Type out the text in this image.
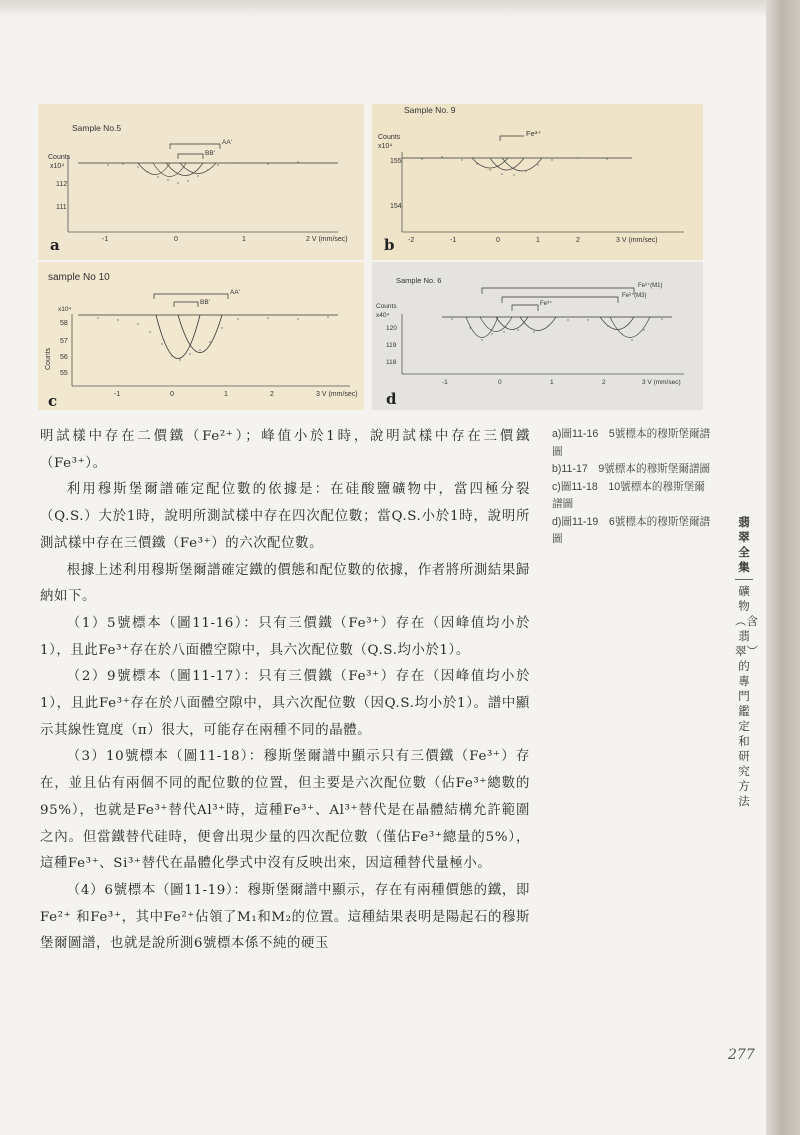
Sample No.5
Counts
x10⁴
112
111
AA'
BB'
-1	0	1	2 V (mm/sec)
a
Sample No. 9
Counts
x10⁴
155
154
Fe³⁺
-2	-1	0	1	2	3 V (mm/sec)
b
sample No 10
x10⁴
Counts
58
57
56
55
AA'
BB'
-1	0	1	2	3 V (mm/sec)
c
Sample No. 6
Counts
x40⁴
120
119
118
Fe²⁺(M1)
Fe²⁺(M3)
Fe³⁺
-1	0	1	2	3 V (mm/sec)
d

明試樣中存在二價鐵（Fe²⁺）；峰值小於1時，說明試樣中存在三價鐵（Fe³⁺）。

利用穆斯堡爾譜確定配位數的依據是：在硅酸鹽礦物中，當四極分裂（Q.S.）大於1時，說明所測試樣中存在四次配位數；當Q.S.小於1時，說明所測試樣中存在三價鐵（Fe³⁺）的六次配位數。

根據上述利用穆斯堡爾譜確定鐵的價態和配位數的依據，作者將所測結果歸納如下。

（1）5號標本（圖11-16）：只有三價鐵（Fe³⁺）存在（因峰值均小於1），且此Fe³⁺存在於八面體空隙中，具六次配位數（Q.S.均小於1）。

（2）9號標本（圖11-17）：只有三價鐵（Fe³⁺）存在（因峰值均小於1），且此Fe³⁺存在於八面體空隙中，具六次配位數（因Q.S.均小於1）。譜中顯示其線性寬度（π）很大，可能存在兩種不同的晶體。

（3）10號標本（圖11-18）：穆斯堡爾譜中顯示只有三價鐵（Fe³⁺）存在，並且佔有兩個不同的配位數的位置，但主要是六次配位數（佔Fe³⁺總數的95%），也就是Fe³⁺替代Al³⁺時，這種Fe³⁺、Al³⁺替代是在晶體結構允許範圍之內。但當鐵替代硅時，便會出現少量的四次配位數（僅佔Fe³⁺總量的5%），這種Fe³⁺、Si³⁺替代在晶體化學式中沒有反映出來，因這種替代量極小。

（4）6號標本（圖11-19）：穆斯堡爾譜中顯示，存在有兩種價態的鐵，即Fe²⁺ 和Fe³⁺，其中Fe²⁺佔領了M₁和M₂的位置。這種結果表明是陽起石的穆斯堡爾圖譜，也就是說所測6號標本係不純的硬玉

a)圖11-16　5號標本的穆斯堡爾譜圖

b)11-17　9號標本的穆斯堡爾譜圖

c)圖11-18　10號標本的穆斯堡爾譜圖

d)圖11-19　6號標本的穆斯堡爾譜圖

翡翠全集
礦物︵含翡翠︶的專門鑑定和研究方法
277
